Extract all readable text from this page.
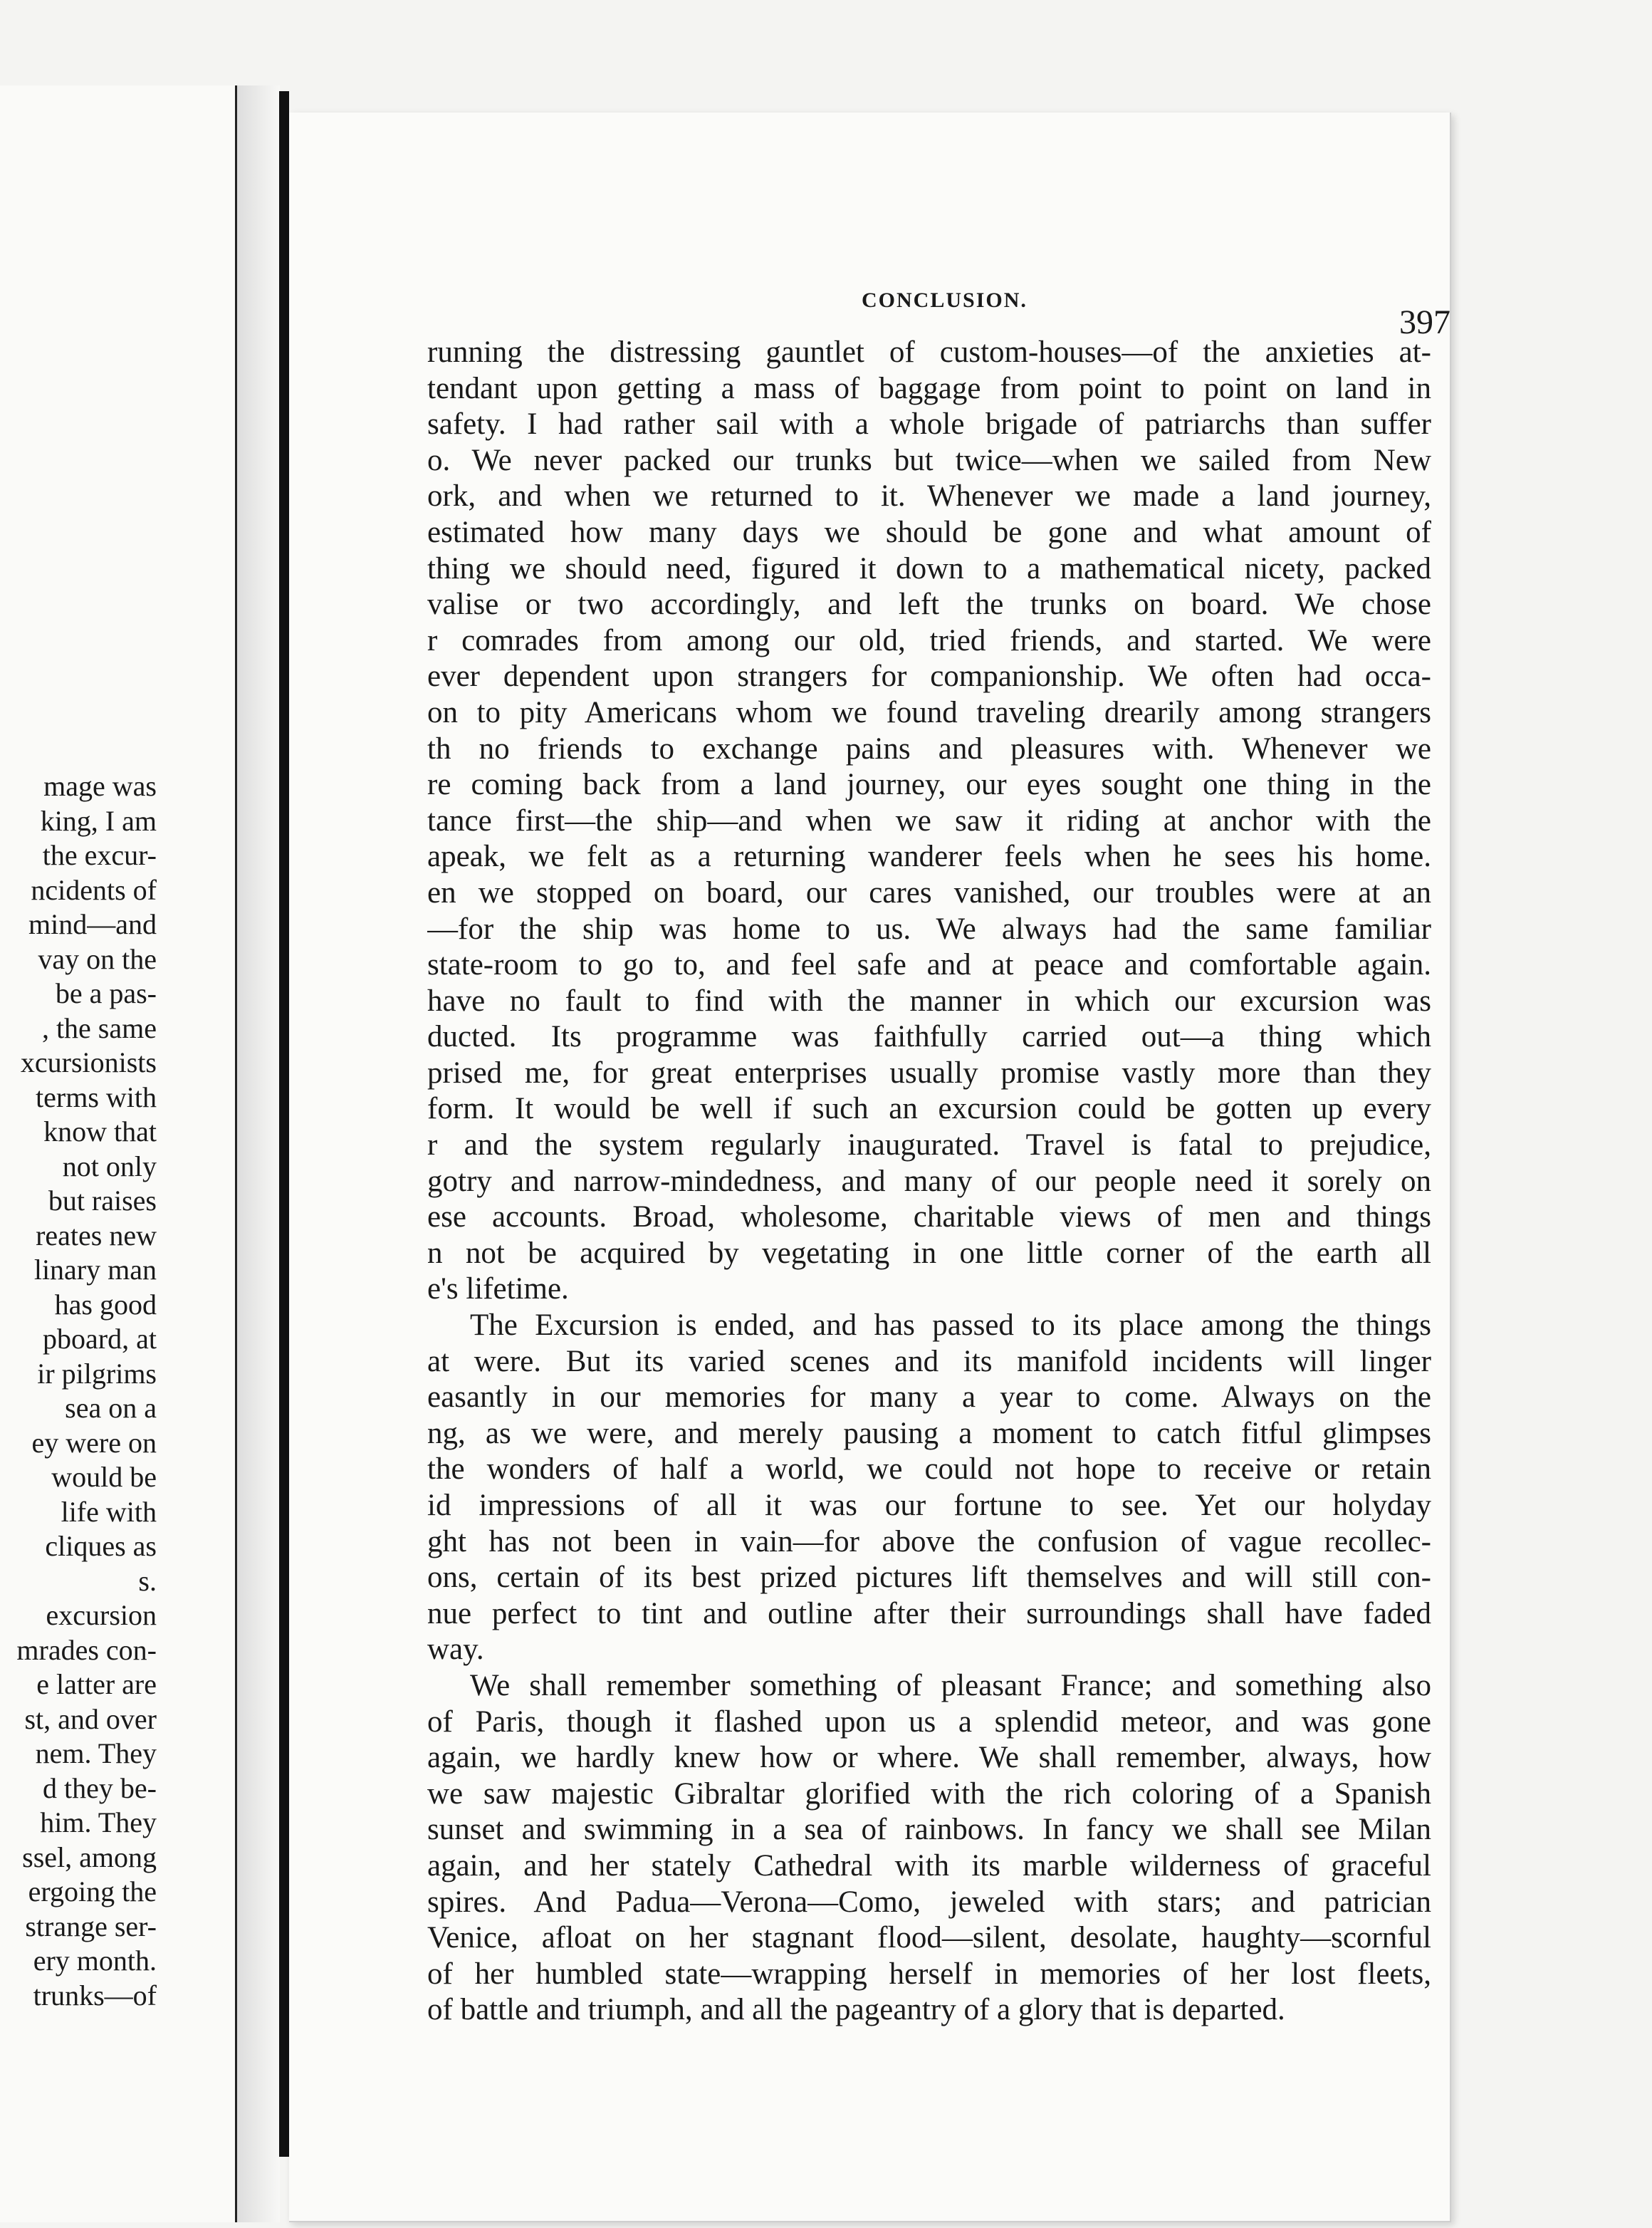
mage was
king, I am
the excur-
ncidents of
mind—and
vay on the
be a pas-
, the same
xcursionists
terms with
know that
not only
but raises
reates new
linary man
has good
pboard, at
ir pilgrims
sea on a
ey were on
would be
life with
cliques as
s.
excursion
mrades con-
e latter are
st, and over
nem. They
d they be-
him. They
ssel, among
ergoing the
strange ser-
ery month.
trunks—of
CONCLUSION.
397
running the distressing gauntlet of custom-houses—of the anxieties at-
tendant upon getting a mass of baggage from point to point on land in
safety. I had rather sail with a whole brigade of patriarchs than suffer
o. We never packed our trunks but twice—when we sailed from New
ork, and when we returned to it. Whenever we made a land journey,
estimated how many days we should be gone and what amount of
thing we should need, figured it down to a mathematical nicety, packed
valise or two accordingly, and left the trunks on board. We chose
r comrades from among our old, tried friends, and started. We were
ever dependent upon strangers for companionship. We often had occa-
on to pity Americans whom we found traveling drearily among strangers
th no friends to exchange pains and pleasures with. Whenever we
re coming back from a land journey, our eyes sought one thing in the
tance first—the ship—and when we saw it riding at anchor with the
apeak, we felt as a returning wanderer feels when he sees his home.
en we stopped on board, our cares vanished, our troubles were at an
—for the ship was home to us. We always had the same familiar
state-room to go to, and feel safe and at peace and comfortable again.
have no fault to find with the manner in which our excursion was
ducted. Its programme was faithfully carried out—a thing which
prised me, for great enterprises usually promise vastly more than they
form. It would be well if such an excursion could be gotten up every
r and the system regularly inaugurated. Travel is fatal to prejudice,
gotry and narrow-mindedness, and many of our people need it sorely on
ese accounts. Broad, wholesome, charitable views of men and things
n not be acquired by vegetating in one little corner of the earth all
e's lifetime.
The Excursion is ended, and has passed to its place among the things
at were. But its varied scenes and its manifold incidents will linger
easantly in our memories for many a year to come. Always on the
ng, as we were, and merely pausing a moment to catch fitful glimpses
the wonders of half a world, we could not hope to receive or retain
id impressions of all it was our fortune to see. Yet our holyday
ght has not been in vain—for above the confusion of vague recollec-
ons, certain of its best prized pictures lift themselves and will still con-
nue perfect to tint and outline after their surroundings shall have faded
way.
We shall remember something of pleasant France; and something also
of Paris, though it flashed upon us a splendid meteor, and was gone
again, we hardly knew how or where. We shall remember, always, how
we saw majestic Gibraltar glorified with the rich coloring of a Spanish
sunset and swimming in a sea of rainbows. In fancy we shall see Milan
again, and her stately Cathedral with its marble wilderness of graceful
spires. And Padua—Verona—Como, jeweled with stars; and patrician
Venice, afloat on her stagnant flood—silent, desolate, haughty—scornful
of her humbled state—wrapping herself in memories of her lost fleets,
of battle and triumph, and all the pageantry of a glory that is departed.
